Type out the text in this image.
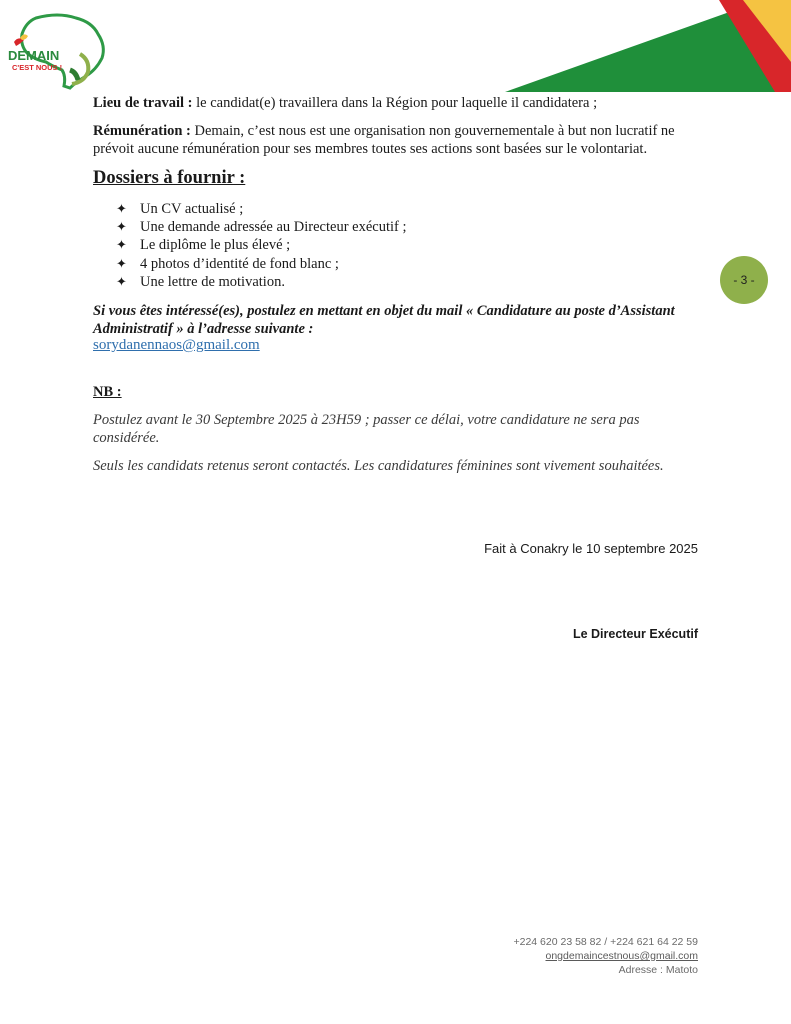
DEMAIN
C'EST NOUS !
Lieu de travail : le candidat(e) travaillera dans la Région pour laquelle il candidatera ;
Rémunération : Demain, c’est nous est une organisation non gouvernementale à but non lucratif ne
prévoit aucune rémunération pour ses membres toutes ses actions sont basées sur le volontariat.
Dossiers à fournir :
✦ Un CV actualisé ;
✦ Une demande adressée au Directeur exécutif ;
✦ Le diplôme le plus élevé ;
✦ 4 photos d’identité de fond blanc ;
✦ Une lettre de motivation.	- 3 -
Si vous êtes intéressé(es), postulez en mettant en objet du mail « Candidature au poste d’Assistant
Administratif » à l’adresse suivante :
sorydanennaos@gmail.com
NB :
Postulez avant le 30 Septembre 2025 à 23H59 ; passer ce délai, votre candidature ne sera pas
considérée.
Seuls les candidats retenus seront contactés. Les candidatures féminines sont vivement souhaitées.
Fait à Conakry le 10 septembre 2025
Le Directeur Exécutif
+224 620 23 58 82 / +224 621 64 22 59
ongdemaincestnous@gmail.com
Adresse : Matoto
